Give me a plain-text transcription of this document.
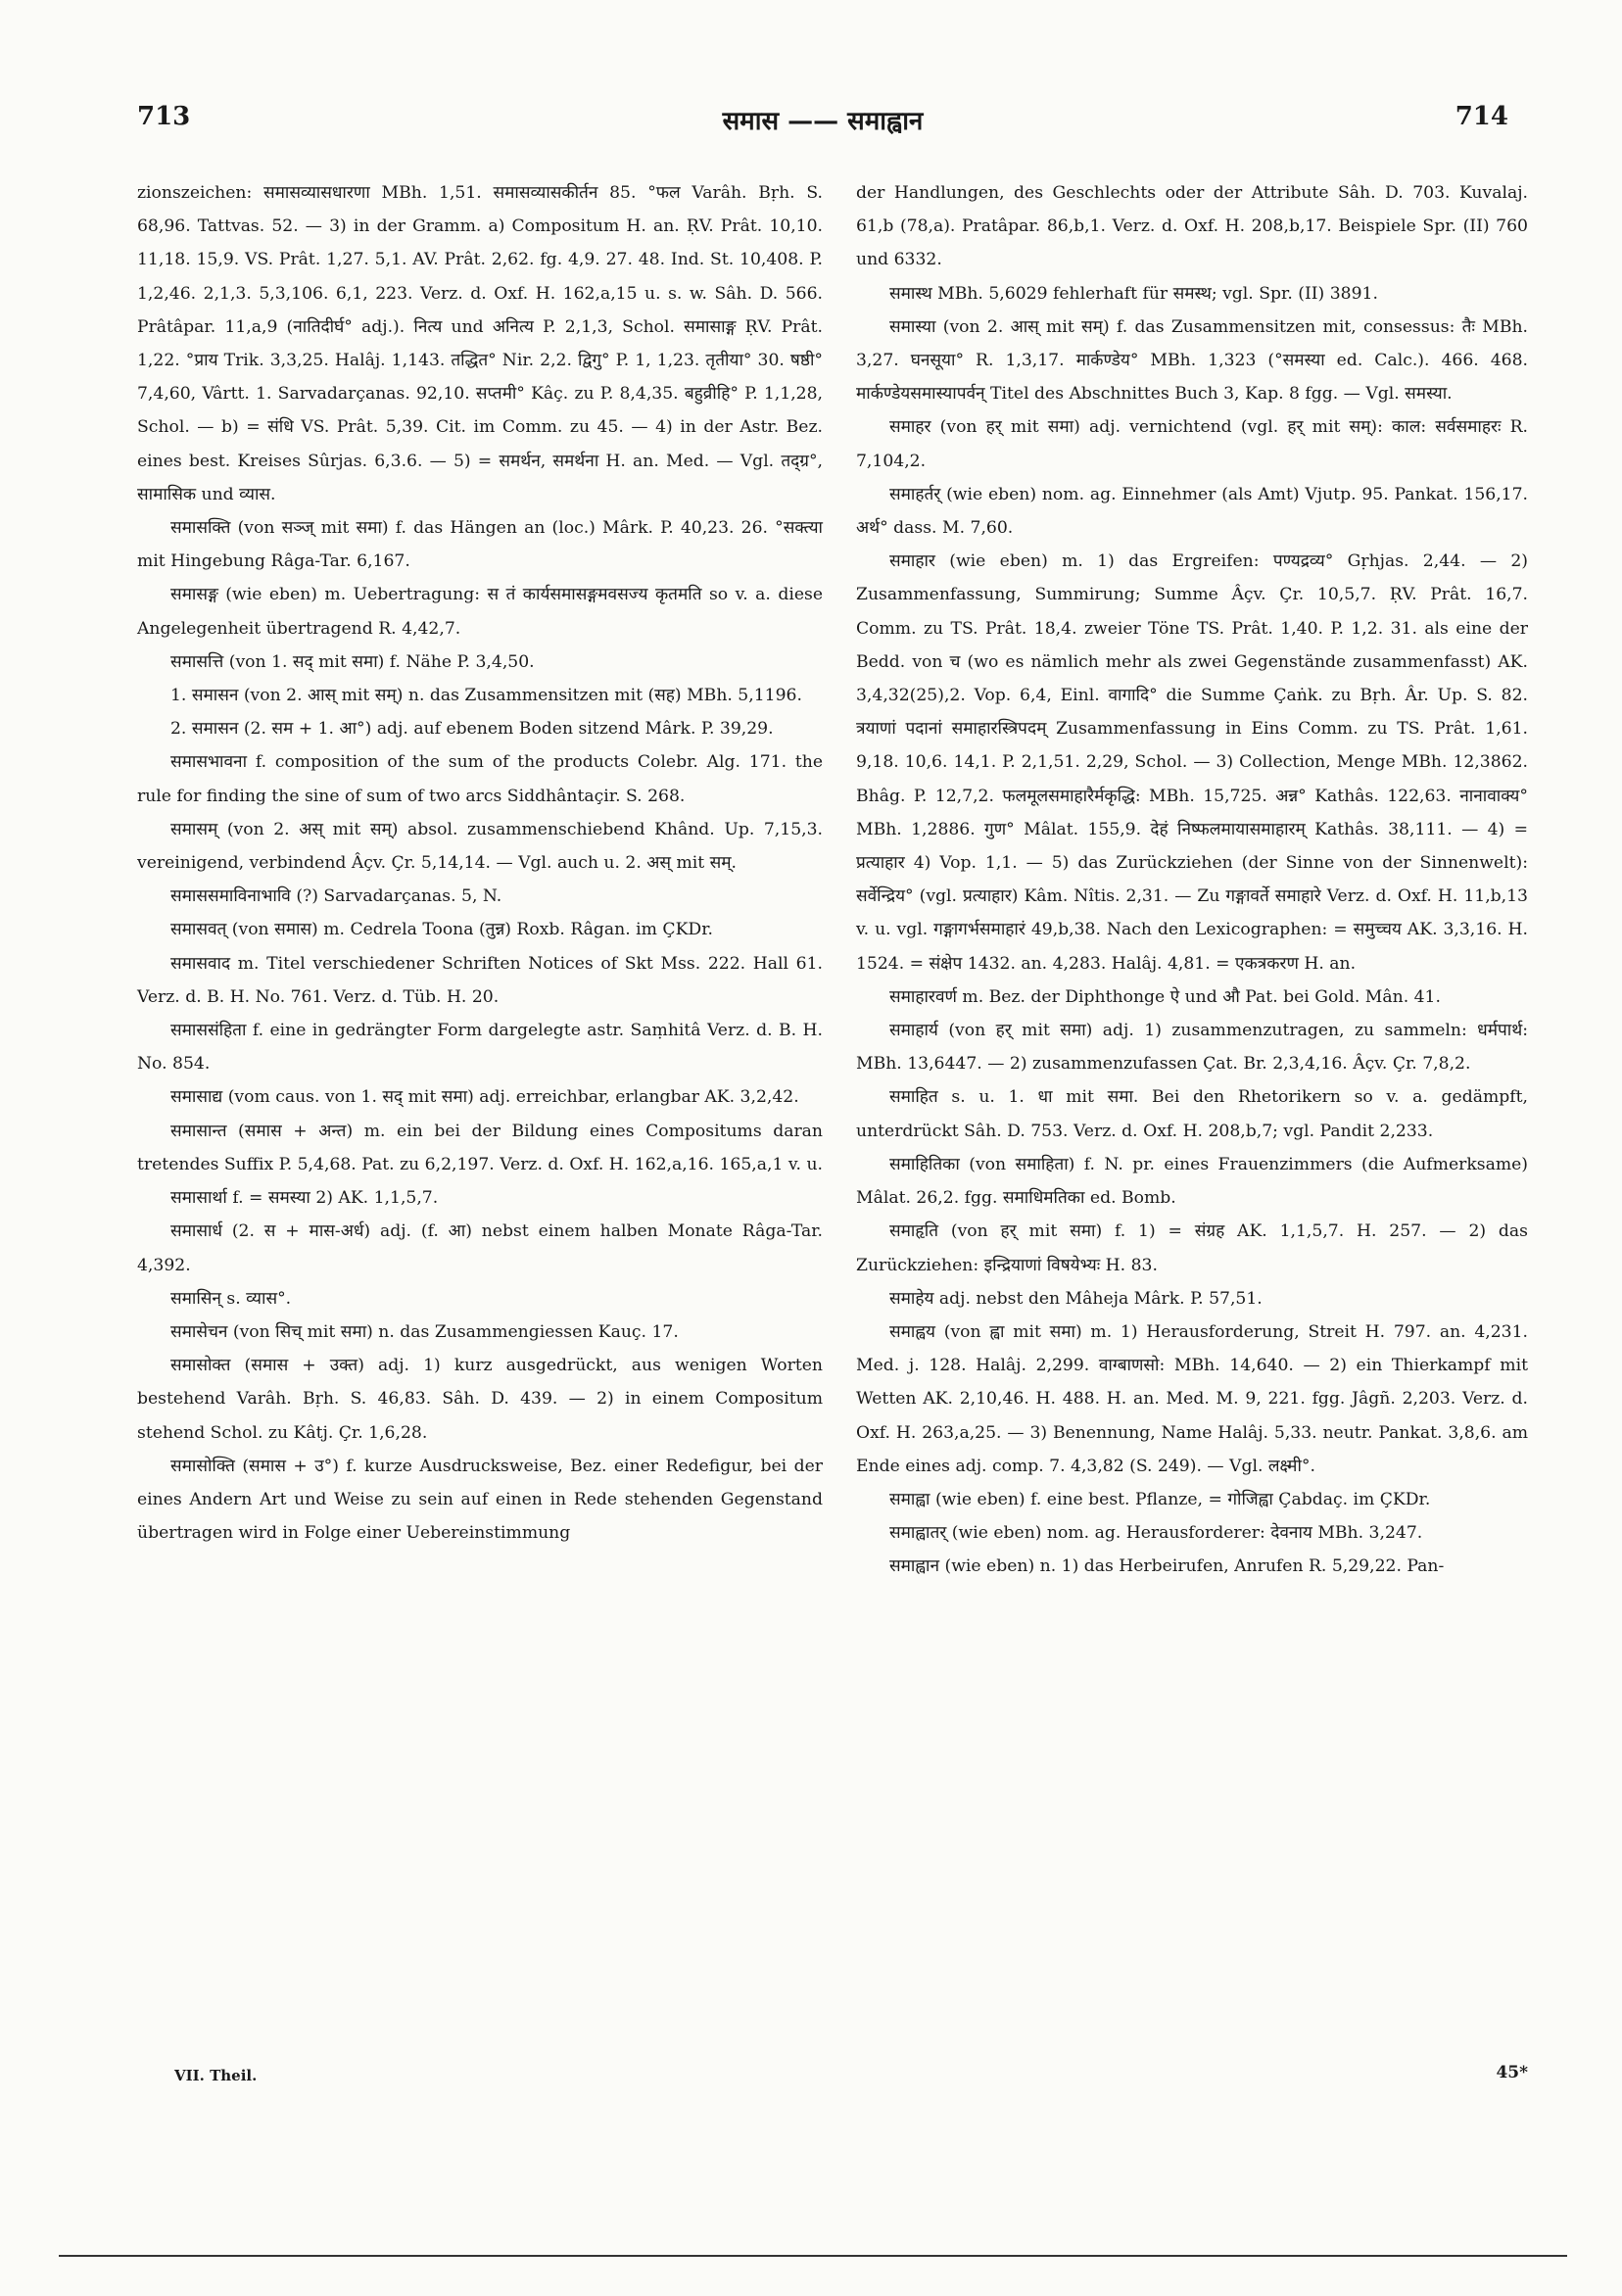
713	समास —— समाह्वान	714

zionszeichen: समासव्यासधारणा MBh. 1,51. समासव्यासकीर्तन 85. °फल Varâh. Bṛh. S. 68,96. Tattvas. 52. — 3) in der Gramm. a) Compositum H. an. ṚV. Prât. 10,10. 11,18. 15,9. VS. Prât. 1,27. 5,1. AV. Prât. 2,62. fg. 4,9. 27. 48. Ind. St. 10,408. P. 1,2,46. 2,1,3. 5,3,106. 6,1, 223. Verz. d. Oxf. H. 162,a,15 u. s. w. Sâh. D. 566. Prâtâpar. 11,a,9 (नातिदीर्घ° adj.). नित्य und अनित्य P. 2,1,3, Schol. समासाङ्ग ṚV. Prât. 1,22. °प्राय Trik. 3,3,25. Halâj. 1,143. तद्धित° Nir. 2,2. द्विगु° P. 1, 1,23. तृतीया° 30. षष्ठी° 7,4,60, Vârtt. 1. Sarvadarçanas. 92,10. सप्तमी° Kâç. zu P. 8,4,35. बहुव्रीहि° P. 1,1,28, Schol. — b) = संधि VS. Prât. 5,39. Cit. im Comm. zu 45. — 4) in der Astr. Bez. eines best. Kreises Sûrjas. 6,3.6. — 5) = समर्थन, समर्थना H. an. Med. — Vgl. तद्ग्र°, सामासिक und व्यास.

समासक्ति (von सञ्ज् mit समा) f. das Hängen an (loc.) Mârk. P. 40,23. 26. °सक्त्या mit Hingebung Râga-Tar. 6,167.

समासङ्ग (wie eben) m. Uebertragung: स तं कार्यसमासङ्गमवसज्य कृतमति so v. a. diese Angelegenheit übertragend R. 4,42,7.

समासत्ति (von 1. सद् mit समा) f. Nähe P. 3,4,50.

1. समासन (von 2. आस् mit सम्) n. das Zusammensitzen mit (सह) MBh. 5,1196.

2. समासन (2. सम + 1. आ°) adj. auf ebenem Boden sitzend Mârk. P. 39,29.

समासभावना f. composition of the sum of the products Colebr. Alg. 171. the rule for finding the sine of sum of two arcs Siddhântaçir. S. 268.

समासम् (von 2. अस् mit सम्) absol. zusammenschiebend Khând. Up. 7,15,3. vereinigend, verbindend Âçv. Çr. 5,14,14. — Vgl. auch u. 2. अस् mit सम्.

समाससमाविनाभावि (?) Sarvadarçanas. 5, N.

समासवत् (von समास) m. Cedrela Toona (तुन्न) Roxb. Râgan. im ÇKDr.

समासवाद m. Titel verschiedener Schriften Notices of Skt Mss. 222. Hall 61. Verz. d. B. H. No. 761. Verz. d. Tüb. H. 20.

समाससंहिता f. eine in gedrängter Form dargelegte astr. Saṃhitâ Verz. d. B. H. No. 854.

समासाद्य (vom caus. von 1. सद् mit समा) adj. erreichbar, erlangbar AK. 3,2,42.

समासान्त (समास + अन्त) m. ein bei der Bildung eines Compositums daran tretendes Suffix P. 5,4,68. Pat. zu 6,2,197. Verz. d. Oxf. H. 162,a,16. 165,a,1 v. u.

समासार्था f. = समस्या 2) AK. 1,1,5,7.

समासार्ध (2. स + मास-अर्ध) adj. (f. आ) nebst einem halben Monate Râga-Tar. 4,392.

समासिन् s. व्यास°.

समासेचन (von सिच् mit समा) n. das Zusammengiessen Kauç. 17.

समासोक्त (समास + उक्त) adj. 1) kurz ausgedrückt, aus wenigen Worten bestehend Varâh. Bṛh. S. 46,83. Sâh. D. 439. — 2) in einem Compositum stehend Schol. zu Kâtj. Çr. 1,6,28.

समासोक्ति (समास + उ°) f. kurze Ausdrucksweise, Bez. einer Redefigur, bei der eines Andern Art und Weise zu sein auf einen in Rede stehenden Gegenstand übertragen wird in Folge einer Uebereinstimmung

der Handlungen, des Geschlechts oder der Attribute Sâh. D. 703. Kuvalaj. 61,b (78,a). Pratâpar. 86,b,1. Verz. d. Oxf. H. 208,b,17. Beispiele Spr. (II) 760 und 6332.

समास्थ MBh. 5,6029 fehlerhaft für समस्थ; vgl. Spr. (II) 3891.

समास्या (von 2. आस् mit सम्) f. das Zusammensitzen mit, consessus: तैः MBh. 3,27. घनसूया° R. 1,3,17. मार्कण्डेय° MBh. 1,323 (°समस्या ed. Calc.). 466. 468. मार्कण्डेयसमास्यापर्वन् Titel des Abschnittes Buch 3, Kap. 8 fgg. — Vgl. समस्या.

समाहर (von हर् mit समा) adj. vernichtend (vgl. हर् mit सम्): काल: सर्वसमाहरः R. 7,104,2.

समाहर्तर् (wie eben) nom. ag. Einnehmer (als Amt) Vjutp. 95. Pankat. 156,17. अर्थ° dass. M. 7,60.

समाहार (wie eben) m. 1) das Ergreifen: पण्यद्रव्य° Gṛhjas. 2,44. — 2) Zusammenfassung, Summirung; Summe Âçv. Çr. 10,5,7. ṚV. Prât. 16,7. Comm. zu TS. Prât. 18,4. zweier Töne TS. Prât. 1,40. P. 1,2. 31. als eine der Bedd. von च (wo es nämlich mehr als zwei Gegenstände zusammenfasst) AK. 3,4,32(25),2. Vop. 6,4, Einl. वागादि° die Summe Çaṅk. zu Bṛh. Âr. Up. S. 82. त्रयाणां पदानां समाहारस्त्रिपदम् Zusammenfassung in Eins Comm. zu TS. Prât. 1,61. 9,18. 10,6. 14,1. P. 2,1,51. 2,29, Schol. — 3) Collection, Menge MBh. 12,3862. Bhâg. P. 12,7,2. फलमूलसमाहारैर्मकृद्धि: MBh. 15,725. अन्न° Kathâs. 122,63. नानावाक्य° MBh. 1,2886. गुण° Mâlat. 155,9. देहं निष्फलमायासमाहारम् Kathâs. 38,111. — 4) = प्रत्याहार 4) Vop. 1,1. — 5) das Zurückziehen (der Sinne von der Sinnenwelt): सर्वेन्द्रिय° (vgl. प्रत्याहार) Kâm. Nîtis. 2,31. — Zu गङ्गावर्ते समाहारे Verz. d. Oxf. H. 11,b,13 v. u. vgl. गङ्गागर्भसमाहारं 49,b,38. Nach den Lexicographen: = समुच्चय AK. 3,3,16. H. 1524. = संक्षेप 1432. an. 4,283. Halâj. 4,81. = एकत्रकरण H. an.

समाहारवर्ण m. Bez. der Diphthonge ऐ und औ Pat. bei Gold. Mân. 41.

समाहार्य (von हर् mit समा) adj. 1) zusammenzutragen, zu sammeln: धर्मपार्थ: MBh. 13,6447. — 2) zusammenzufassen Çat. Br. 2,3,4,16. Âçv. Çr. 7,8,2.

समाहित s. u. 1. धा mit समा. Bei den Rhetorikern so v. a. gedämpft, unterdrückt Sâh. D. 753. Verz. d. Oxf. H. 208,b,7; vgl. Pandit 2,233.

समाहितिका (von समाहिता) f. N. pr. eines Frauenzimmers (die Aufmerksame) Mâlat. 26,2. fgg. समाधिमतिका ed. Bomb.

समाहृति (von हर् mit समा) f. 1) = संग्रह AK. 1,1,5,7. H. 257. — 2) das Zurückziehen: इन्द्रियाणां विषयेभ्यः H. 83.

समाहेय adj. nebst den Mâheja Mârk. P. 57,51.

समाह्वय (von ह्वा mit समा) m. 1) Herausforderung, Streit H. 797. an. 4,231. Med. j. 128. Halâj. 2,299. वाग्बाणसो: MBh. 14,640. — 2) ein Thierkampf mit Wetten AK. 2,10,46. H. 488. H. an. Med. M. 9, 221. fgg. Jâgñ. 2,203. Verz. d. Oxf. H. 263,a,25. — 3) Benennung, Name Halâj. 5,33. neutr. Pankat. 3,8,6. am Ende eines adj. comp. 7. 4,3,82 (S. 249). — Vgl. लक्ष्मी°.

समाह्वा (wie eben) f. eine best. Pflanze, = गोजिह्वा Çabdaç. im ÇKDr.

समाह्वातर् (wie eben) nom. ag. Herausforderer: देवनाय MBh. 3,247.

समाह्वान (wie eben) n. 1) das Herbeirufen, Anrufen R. 5,29,22. Pan-

VII. Theil.	45*
